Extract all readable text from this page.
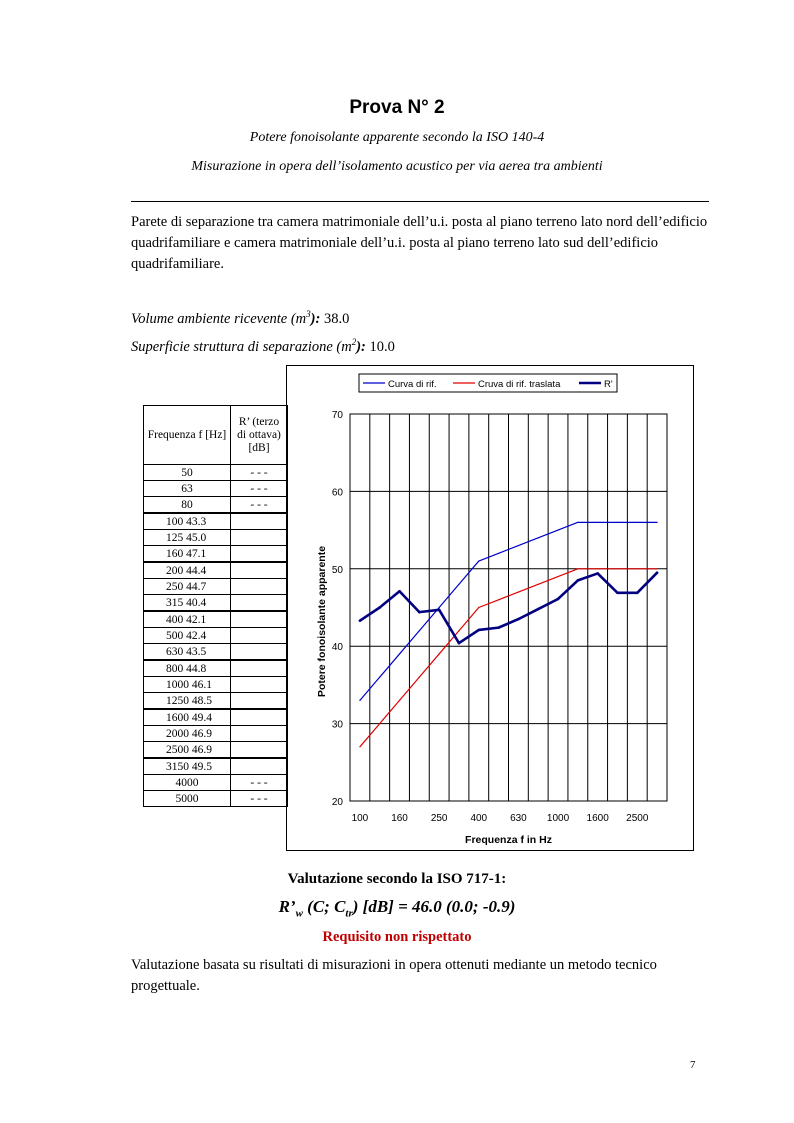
Prova N° 2
Potere fonoisolante apparente secondo la ISO 140-4
Misurazione in opera dell’isolamento acustico per via aerea tra ambienti
Parete di separazione tra camera matrimoniale dell’u.i. posta al piano terreno lato nord dell’edificio quadrifamiliare e camera matrimoniale dell’u.i. posta al piano terreno lato sud dell’edificio quadrifamiliare.
Volume ambiente ricevente $(m^3)$: 38.0
Superficie struttura di separazione $(m^2)$: 10.0
Frequenza f [Hz]	R’ (terzo di ottava) [dB]
50	- - -
63	- - -
80	- - -
100 43.3	
125 45.0	
160 47.1	
200 44.4	
250 44.7	
315 40.4	
400 42.1	
500 42.4	
630 43.5	
800 44.8	
1000 46.1	
1250 48.5	
1600 49.4	
2000 46.9	
2500 46.9	
3150 49.5	
4000	- - -
5000	- - -	20
30
40
50
60
70
100 160 250 400 630 1000 1600 2500
Frequenza f in Hz
Potere fonoisolante apparente
Curva di rif.	Cruva di rif. traslata	R'
Valutazione secondo la ISO 717-1:
$R’_w$ (C; $C_{tr}$) [dB] = 46.0 (0.0; -0.9)
Requisito non rispettato
Valutazione basata su risultati di misurazioni in opera ottenuti mediante un metodo tecnico progettuale.
7
